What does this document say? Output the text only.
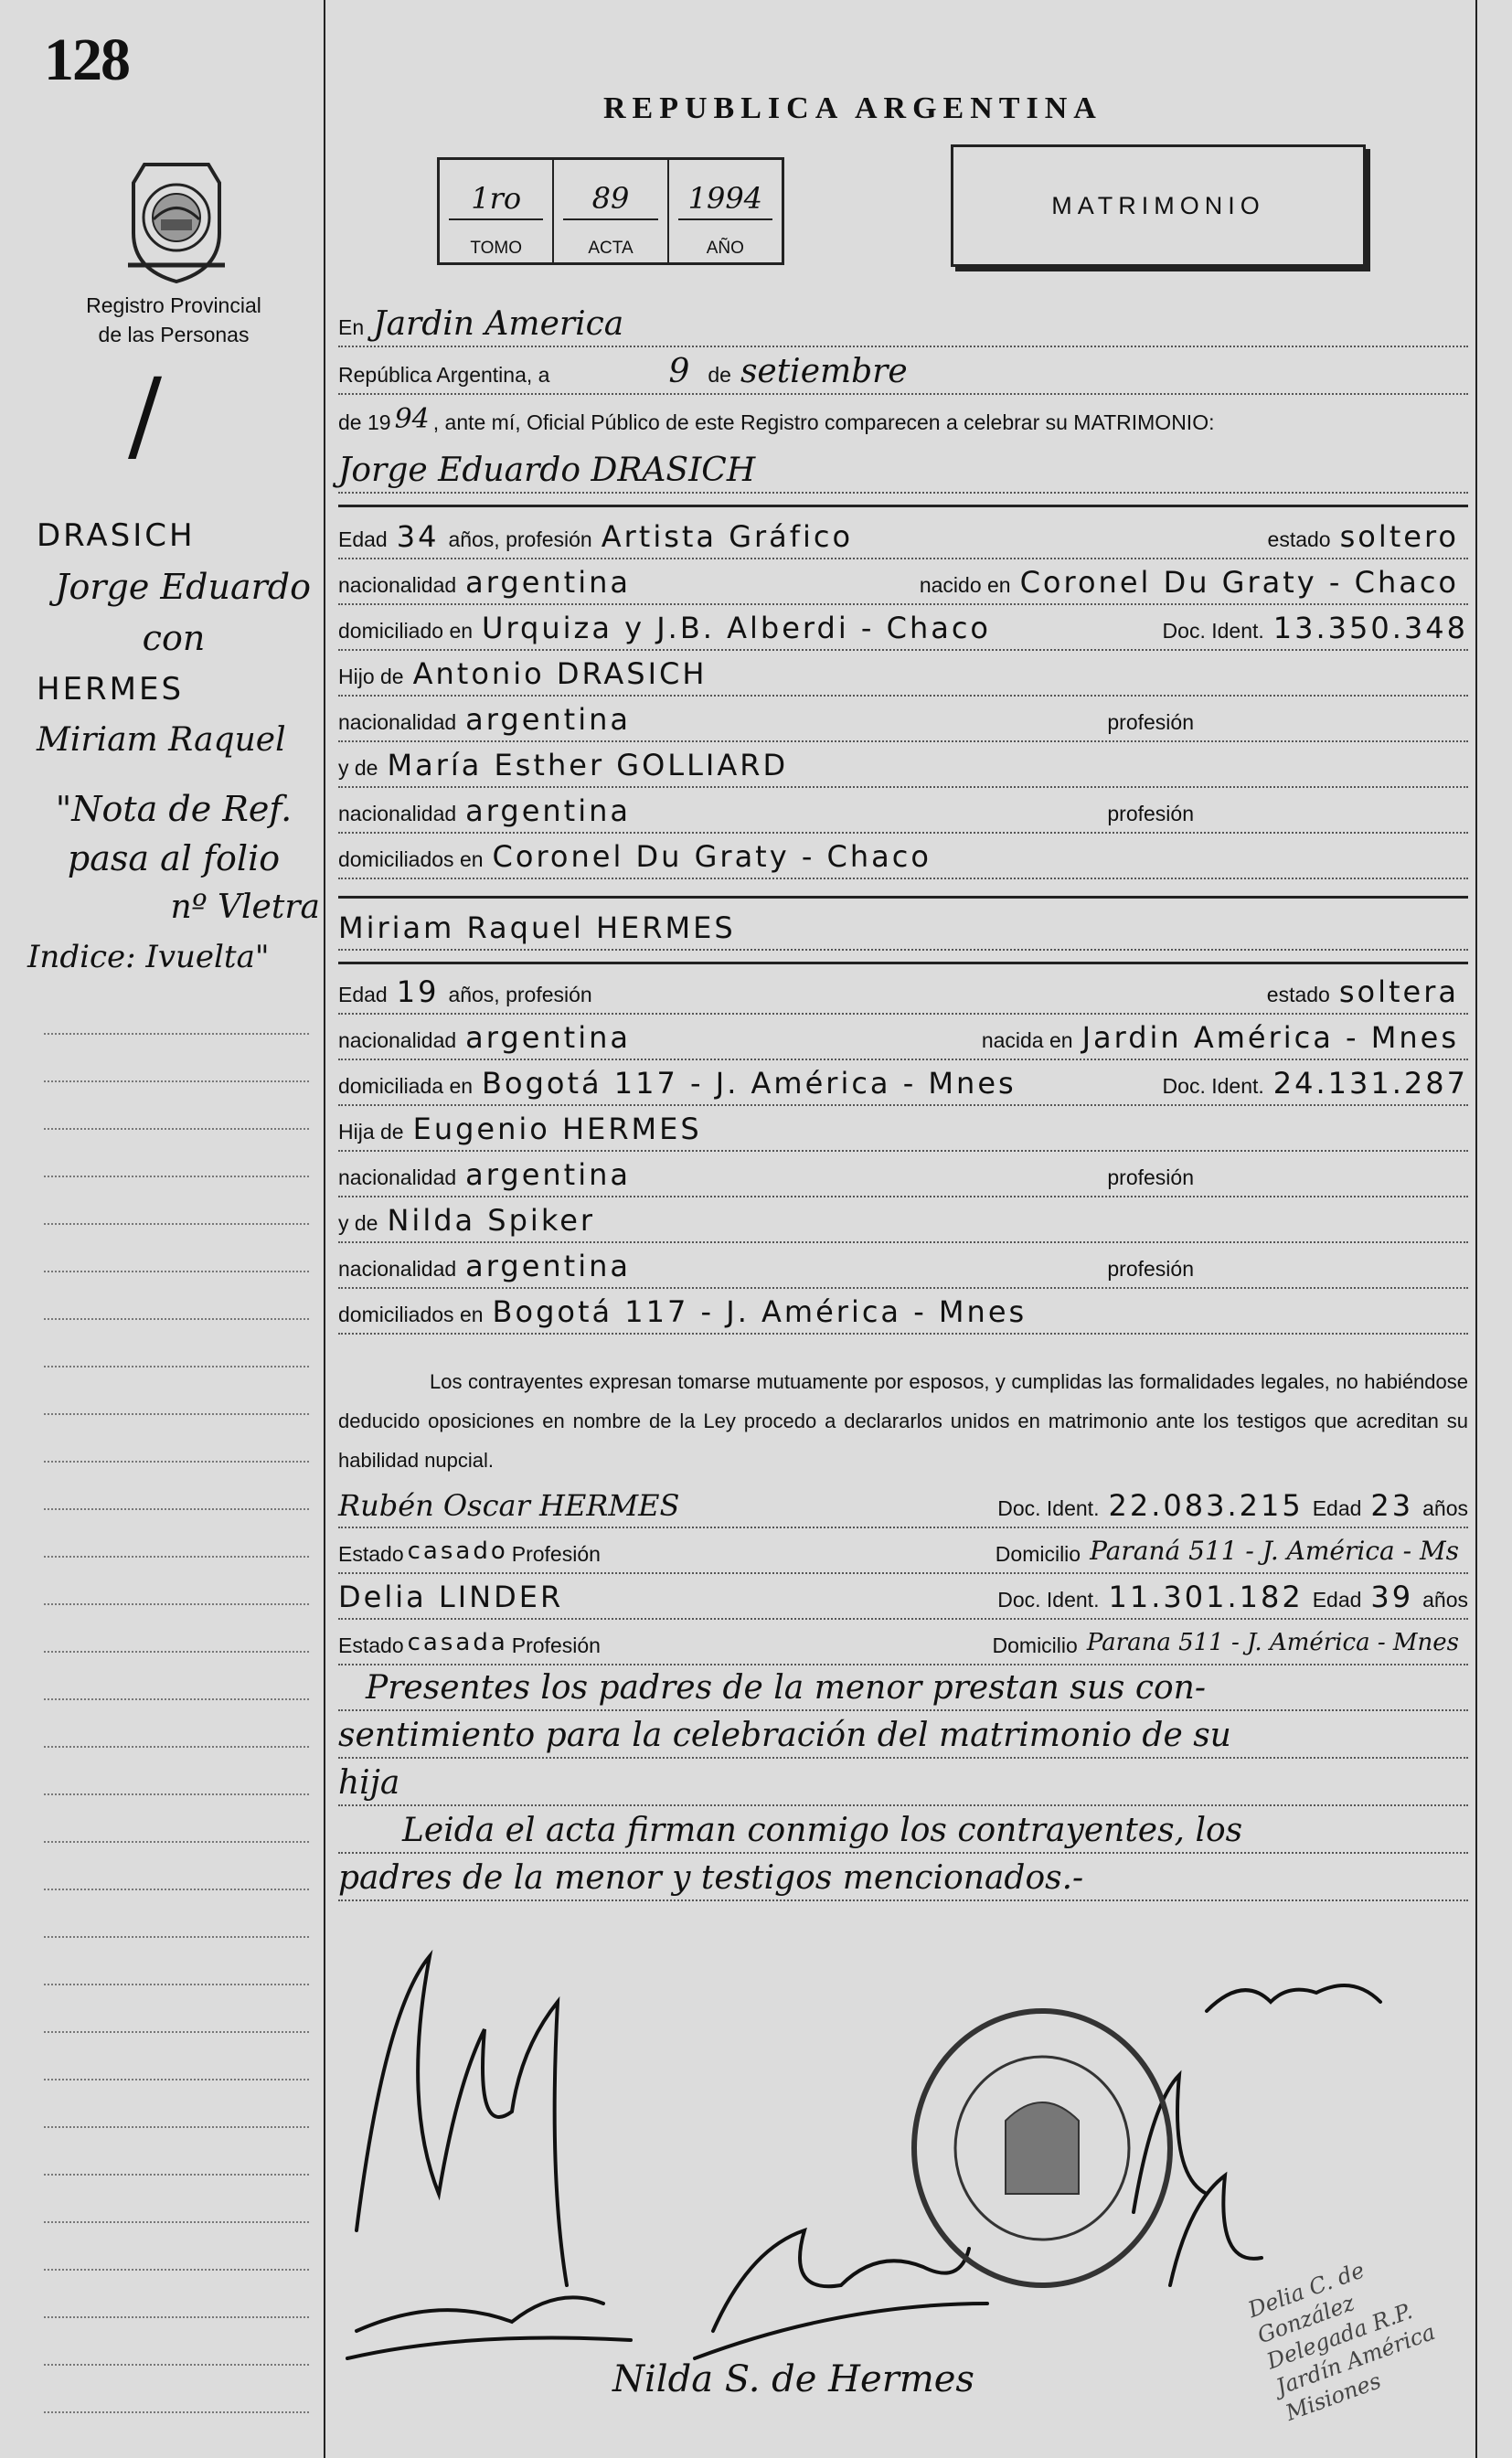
128
Registro Provincial
de las Personas
/
DRASICH
Jorge Eduardo
con
HERMES
Miriam Raquel
"Nota de Ref.
pasa al folio
nº Vletra
Indice: Ivuelta"
REPUBLICA ARGENTINA
1ro
TOMO
89
ACTA
1994
AÑO
MATRIMONIO
En Jardin America
República Argentina, a	9 de setiembre
de 19 94 , ante mí, Oficial Público de este Registro comparecen a celebrar su MATRIMONIO:
Jorge Eduardo DRASICH
Edad 34 años, profesión Artista Gráfico	estado soltero
nacionalidad argentina	nacido en Coronel Du Graty - Chaco
domiciliado en Urquiza y J.B. Alberdi - Chaco	Doc. Ident. 13.350.348
Hijo de Antonio DRASICH
nacionalidad argentina	profesión
y de María Esther GOLLIARD
nacionalidad argentina	profesión
domiciliados en Coronel Du Graty - Chaco
Miriam Raquel HERMES
Edad 19 años, profesión	estado soltera
nacionalidad argentina	nacida en Jardin América - Mnes
domiciliada en Bogotá 117 - J. América - Mnes	Doc. Ident. 24.131.287
Hija de Eugenio HERMES
nacionalidad argentina	profesión
y de Nilda Spiker
nacionalidad argentina	profesión
domiciliados en Bogotá 117 - J. América - Mnes
Los contrayentes expresan tomarse mutuamente por esposos, y cumplidas las formalidades legales, no habiéndose deducido oposiciones en nombre de la Ley procedo a declararlos unidos en matrimonio ante los testigos que acreditan su habilidad nupcial.
Rubén Oscar HERMES	Doc. Ident. 22.083.215 Edad 23 años
Estado casado Profesión	Domicilio Paraná 511 - J. América - Ms
Delia LINDER	Doc. Ident. 11.301.182 Edad 39 años
Estado casada Profesión	Domicilio Parana 511 - J. América - Mnes
Presentes los padres de la menor prestan sus con-
sentimiento para la celebración del matrimonio de su
hija
Leida el acta firman conmigo los contrayentes, los
padres de la menor y testigos mencionados.-
Delia C. de González Delegada R.P. Jardín América Misiones
Nilda S. de Hermes
